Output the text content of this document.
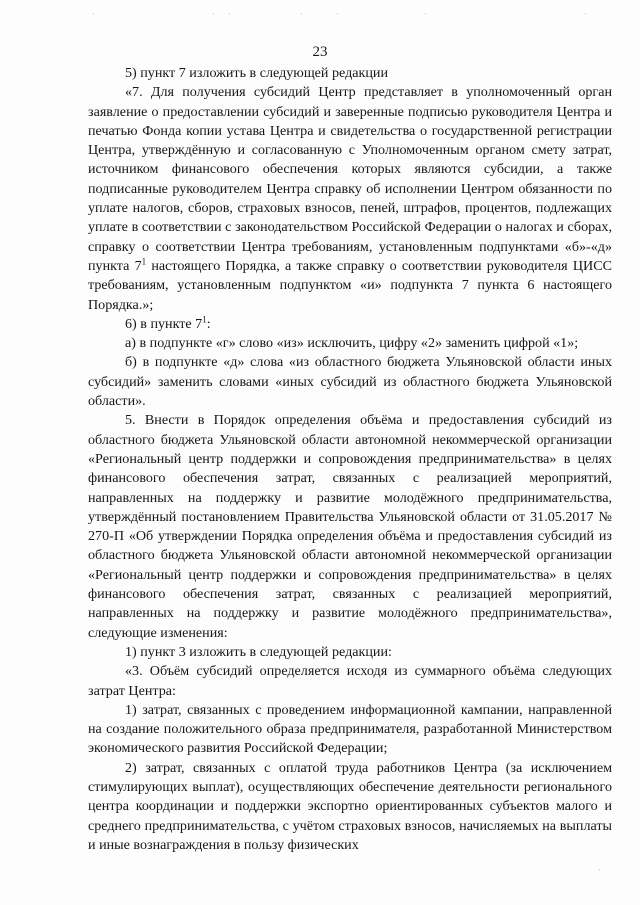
·	· ·	·	·	·	·
·
23

5) пункт 7 изложить в следующей редакции

«7. Для получения субсидий Центр представляет в уполномоченный орган заявление о предоставлении субсидий и заверенные подписью руководителя Центра и печатью Фонда копии устава Центра и свидетельства о государственной регистрации Центра, утверждённую и согласованную с Уполномоченным органом смету затрат, источником финансового обеспечения которых являются субсидии, а также подписанные руководителем Центра справку об исполнении Центром обязанности по уплате налогов, сборов, страховых взносов, пеней, штрафов, процентов, подлежащих уплате в соответствии с законодательством Российской Федерации о налогах и сборах, справку о соответствии Центра требованиям, установленным подпунктами «б»-«д» пункта $7^1$ настоящего Порядка, а также справку о соответствии руководителя ЦИСС требованиям, установленным подпунктом «и» подпункта 7 пункта 6 настоящего Порядка.»;

6) в пункте $7^1$:

а) в подпункте «г» слово «из» исключить, цифру «2» заменить цифрой «1»;

б) в подпункте «д» слова «из областного бюджета Ульяновской области иных субсидий» заменить словами «иных субсидий из областного бюджета Ульяновской области».

5. Внести в Порядок определения объёма и предоставления субсидий из областного бюджета Ульяновской области автономной некоммерческой организации «Региональный центр поддержки и сопровождения предпринимательства» в целях финансового обеспечения затрат, связанных с реализацией мероприятий, направленных на поддержку и развитие молодёжного предпринимательства, утверждённый постановлением Правительства Ульяновской области от 31.05.2017 № 270-П «Об утверждении Порядка определения объёма и предоставления субсидий из областного бюджета Ульяновской области автономной некоммерческой организации «Региональный центр поддержки и сопровождения предпринимательства» в целях финансового обеспечения затрат, связанных с реализацией мероприятий, направленных на поддержку и развитие молодёжного предпринимательства», следующие изменения:

1) пункт 3 изложить в следующей редакции:

«3. Объём субсидий определяется исходя из суммарного объёма следующих затрат Центра:

1) затрат, связанных с проведением информационной кампании, направленной на создание положительного образа предпринимателя, разработанной Министерством экономического развития Российской Федерации;

2) затрат, связанных с оплатой труда работников Центра (за исключением стимулирующих выплат), осуществляющих обеспечение деятельности регионального центра координации и поддержки экспортно ориентированных субъектов малого и среднего предпринимательства, с учётом страховых взносов, начисляемых на выплаты и иные вознаграждения в пользу физических
